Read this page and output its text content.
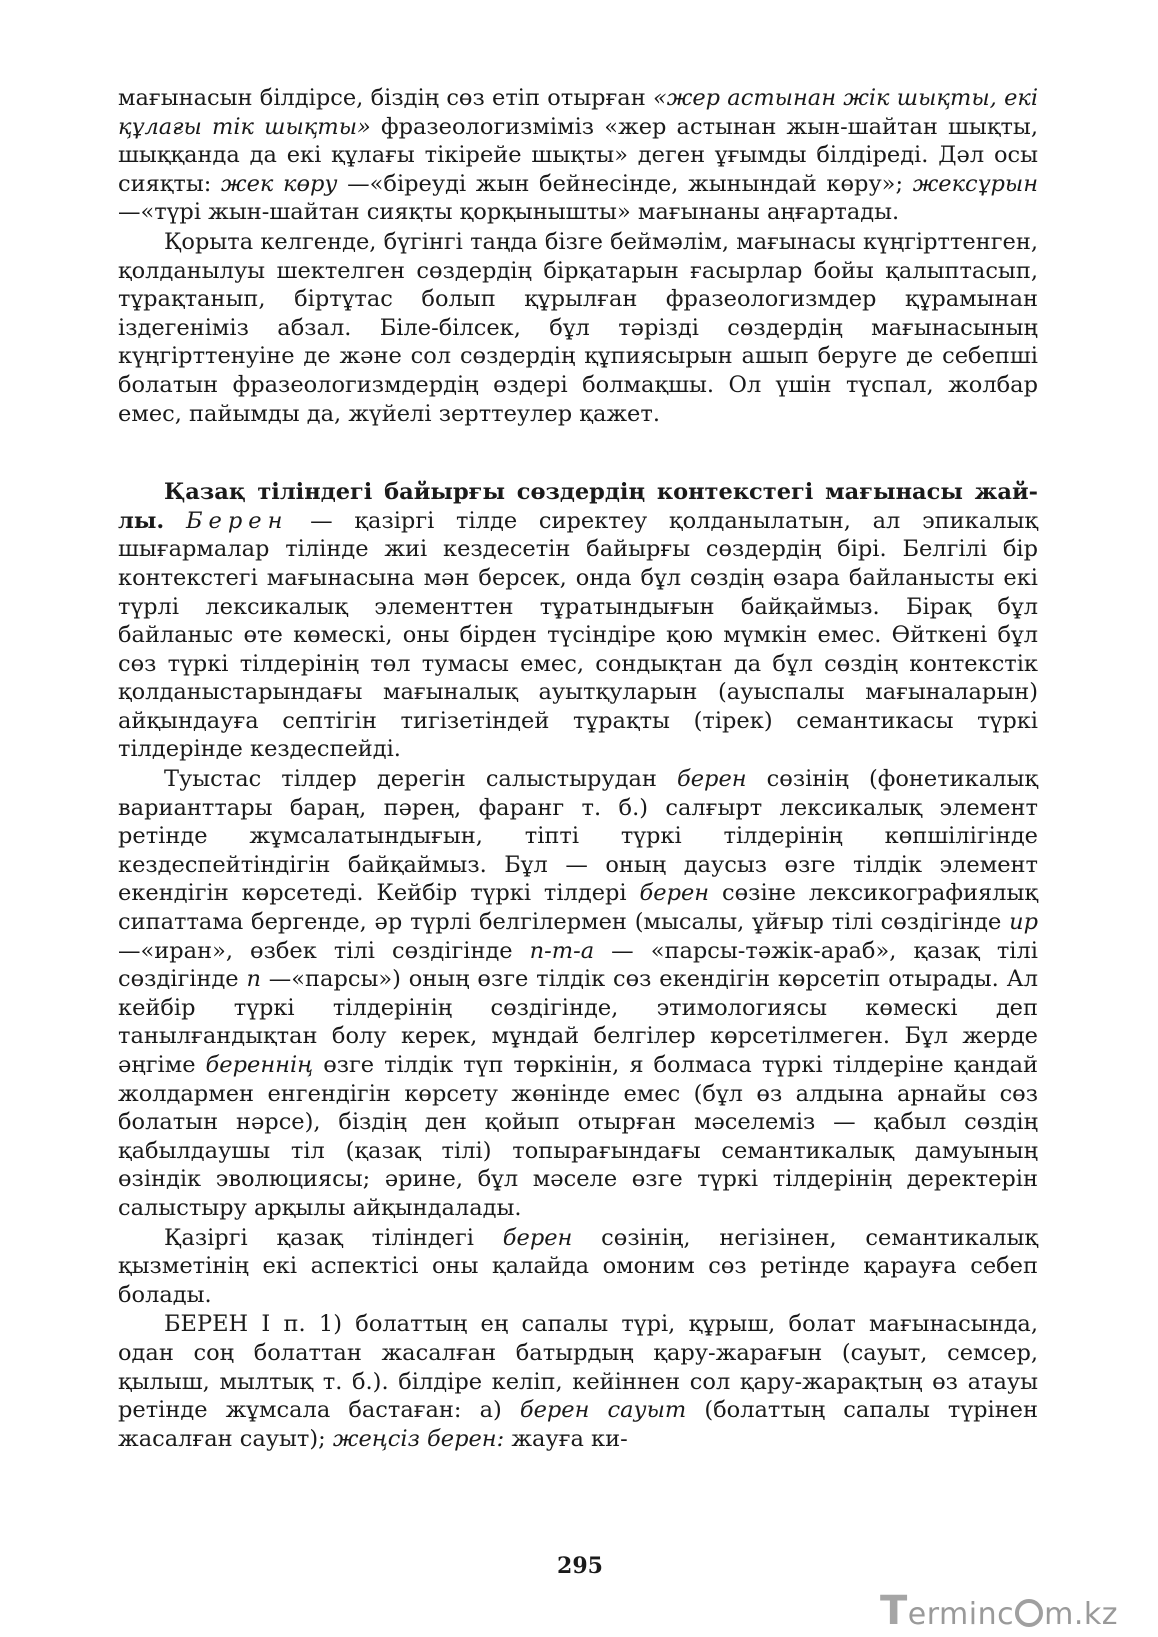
мағынасын білдірсе, біздің сөз етіп отырған «жер астынан жік шықты, екі құлағы тік шықты» фразеологизміміз «жер астынан жын-шайтан шықты, шыққанда да екі құлағы тікірейе шықты» деген ұғымды білдіреді. Дәл осы сияқты: жек көру —«біреуді жын бейнесінде, жынындай көру»; жексұрын —«түрі жын-шайтан сияқты қорқынышты» мағынаны аңғартады.

Қорыта келгенде, бүгінгі таңда бізге беймәлім, мағынасы күңгірттенген, қолданылуы шектелген сөздердің бірқатарын ғасырлар бойы қалыптасып, тұрақтанып, біртұтас болып құрылған фразеологизмдер құрамынан іздегеніміз абзал. Біле-білсек, бұл тәрізді сөздердің мағынасының күңгірттенуіне де және сол сөздердің құпиясырын ашып беруге де себепші болатын фразеологизмдердің өздері болмақшы. Ол үшін түспал, жолбар емес, пайымды да, жүйелі зерттеулер қажет.

Қазақ тіліндегі байырғы сөздердің контекстегі мағынасы жайлы. Берен — қазіргі тілде сиректеу қолданылатын, ал эпикалық шығармалар тілінде жиі кездесетін байырғы сөздердің бірі. Белгілі бір контекстегі мағынасына мән берсек, онда бұл сөздің өзара байланысты екі түрлі лексикалық элементтен тұратындығын байқаймыз. Бірақ бұл байланыс өте көмескі, оны бірден түсіндіре қою мүмкін емес. Өйткені бұл сөз түркі тілдерінің төл тумасы емес, сондықтан да бұл сөздің контекстік қолданыстарындағы мағыналық ауытқуларын (ауыспалы мағыналарын) айқындауға септігін тигізетіндей тұрақты (тірек) семантикасы түркі тілдерінде кездеспейді.

Туыстас тілдер дерегін салыстырудан берен сөзінің (фонетикалық варианттары бараң, пәрең, фаранг т. б.) салғырт лексикалық элемент ретінде жұмсалатындығын, тіпті түркі тілдерінің көпшілігінде кездеспейтіндігін байқаймыз. Бұл — оның даусыз өзге тілдік элемент екендігін көрсетеді. Кейбір түркі тілдері берен сөзіне лексикографиялық сипаттама бергенде, әр түрлі белгілермен (мысалы, ұйғыр тілі сөздігінде ир —«иран», өзбек тілі сөздігінде п-т-а — «парсы-тәжік-араб», қазақ тілі сөздігінде п —«парсы») оның өзге тілдік сөз екендігін көрсетіп отырады. Ал кейбір түркі тілдерінің сөздігінде, этимологиясы көмескі деп танылғандықтан болу керек, мұндай белгілер көрсетілмеген. Бұл жерде әңгіме береннің өзге тілдік түп төркінін, я болмаса түркі тілдеріне қандай жолдармен енгендігін көрсету жөнінде емес (бұл өз алдына арнайы сөз болатын нәрсе), біздің ден қойып отырған мәселеміз — қабыл сөздің қабылдаушы тіл (қазақ тілі) топырағындағы семантикалық дамуының өзіндік эволюциясы; әрине, бұл мәселе өзге түркі тілдерінің деректерін салыстыру арқылы айқындалады.

Қазіргі қазақ тіліндегі берен сөзінің, негізінен, семантикалық қызметінің екі аспектісі оны қалайда омоним сөз ретінде қарауға себеп болады.

БЕРЕН I п. 1) болаттың ең сапалы түрі, құрыш, болат мағынасында, одан соң болаттан жасалған батырдың қару-жарағын (сауыт, семсер, қылыш, мылтық т. б.). білдіре келіп, кейіннен сол қару-жарақтың өз атауы ретінде жұмсала бастаған: а) берен сауыт (болаттың сапалы түрінен жасалған сауыт); жеңсіз берен: жауға ки-

295
Terminc m.kz
